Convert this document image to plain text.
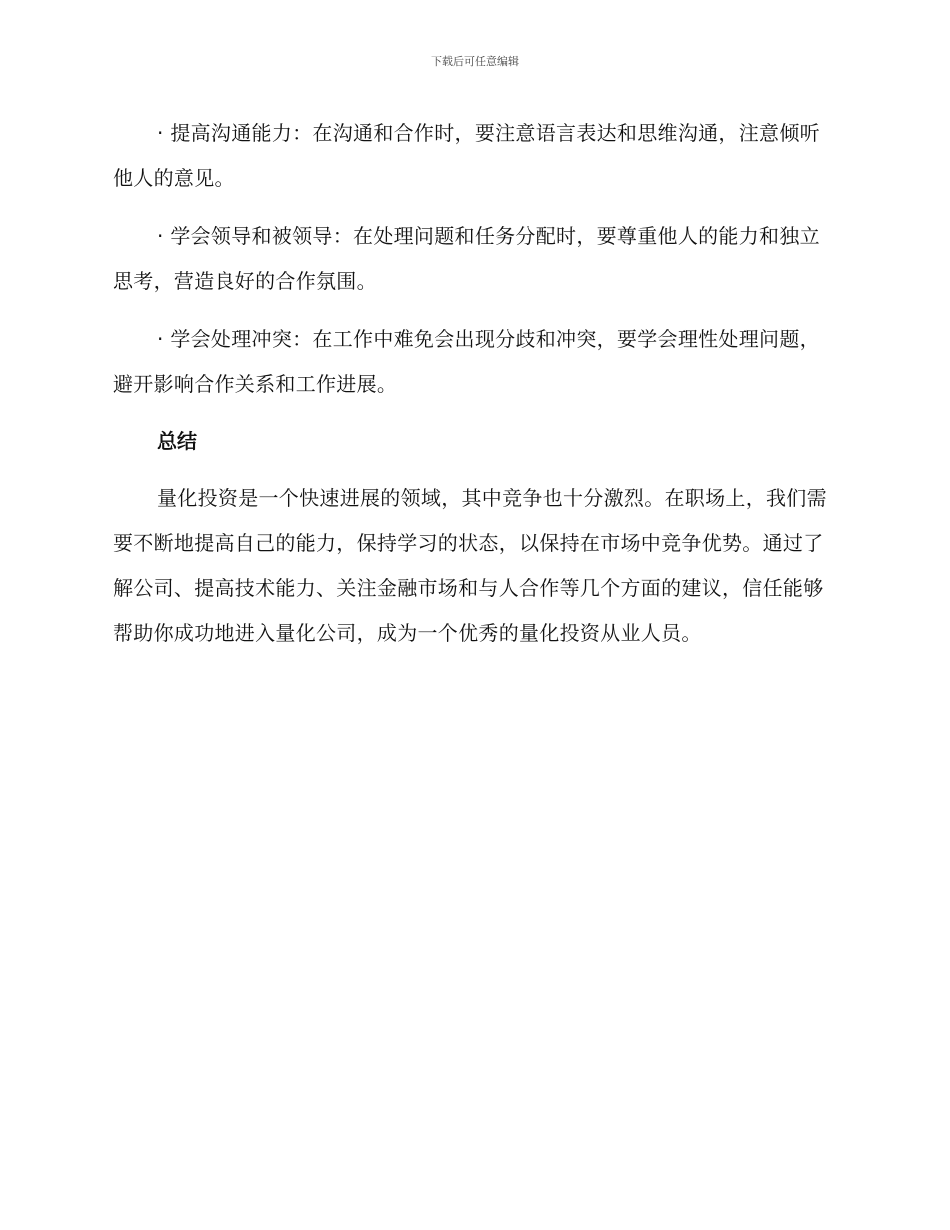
下载后可任意编辑

· 提高沟通能力：在沟通和合作时，要注意语言表达和思维沟通，注意倾听他人的意见。

· 学会领导和被领导：在处理问题和任务分配时，要尊重他人的能力和独立思考，营造良好的合作氛围。

· 学会处理冲突：在工作中难免会出现分歧和冲突，要学会理性处理问题，避开影响合作关系和工作进展。

总结

量化投资是一个快速进展的领域，其中竞争也十分激烈。在职场上，我们需要不断地提高自己的能力，保持学习的状态，以保持在市场中竞争优势。通过了解公司、提高技术能力、关注金融市场和与人合作等几个方面的建议，信任能够帮助你成功地进入量化公司，成为一个优秀的量化投资从业人员。
